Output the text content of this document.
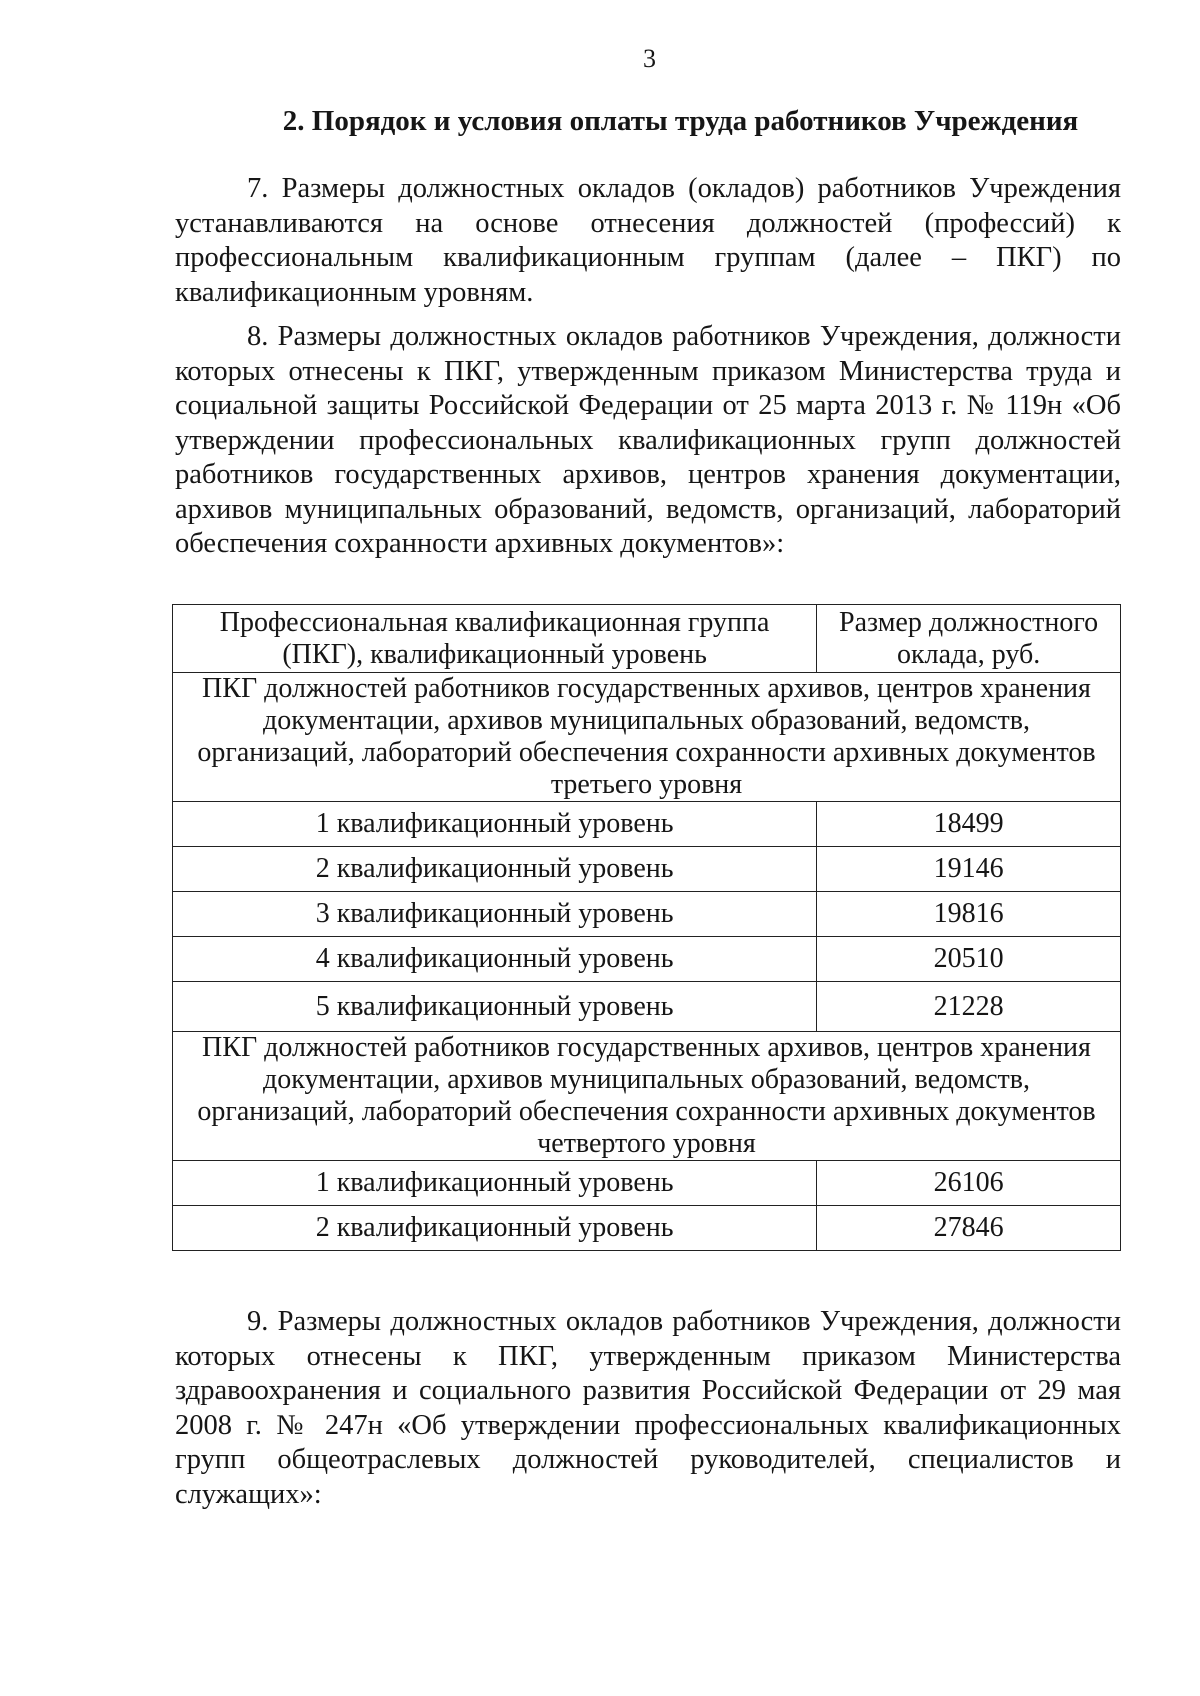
3
2. Порядок и условия оплаты труда работников Учреждения

7. Размеры должностных окладов (окладов) работников Учреждения устанавливаются на основе отнесения должностей (профессий) к профессиональным квалификационным группам (далее – ПКГ) по квалификационным уровням.

8. Размеры должностных окладов работников Учреждения, должности которых отнесены к ПКГ, утвержденным приказом Министерства труда и социальной защиты Российской Федерации от 25 марта 2013 г. № 119н «Об утверждении профессиональных квалификационных групп должностей работников государственных архивов, центров хранения документации, архивов муниципальных образований, ведомств, организаций, лабораторий обеспечения сохранности архивных документов»:

Профессиональная квалификационная группа (ПКГ), квалификационный уровень	Размер должностного оклада, руб.
ПКГ должностей работников государственных архивов, центров хранения документации, архивов муниципальных образований, ведомств, организаций, лабораторий обеспечения сохранности архивных документов третьего уровня	
1 квалификационный уровень	18499
2 квалификационный уровень	19146
3 квалификационный уровень	19816
4 квалификационный уровень	20510
5 квалификационный уровень	21228
ПКГ должностей работников государственных архивов, центров хранения документации, архивов муниципальных образований, ведомств, организаций, лабораторий обеспечения сохранности архивных документов четвертого уровня	
1 квалификационный уровень	26106
2 квалификационный уровень	27846

9. Размеры должностных окладов работников Учреждения, должности которых отнесены к ПКГ, утвержденным приказом Министерства здравоохранения и социального развития Российской Федерации от 29 мая 2008 г. № 247н «Об утверждении профессиональных квалификационных групп общеотраслевых должностей руководителей, специалистов и служащих»:
